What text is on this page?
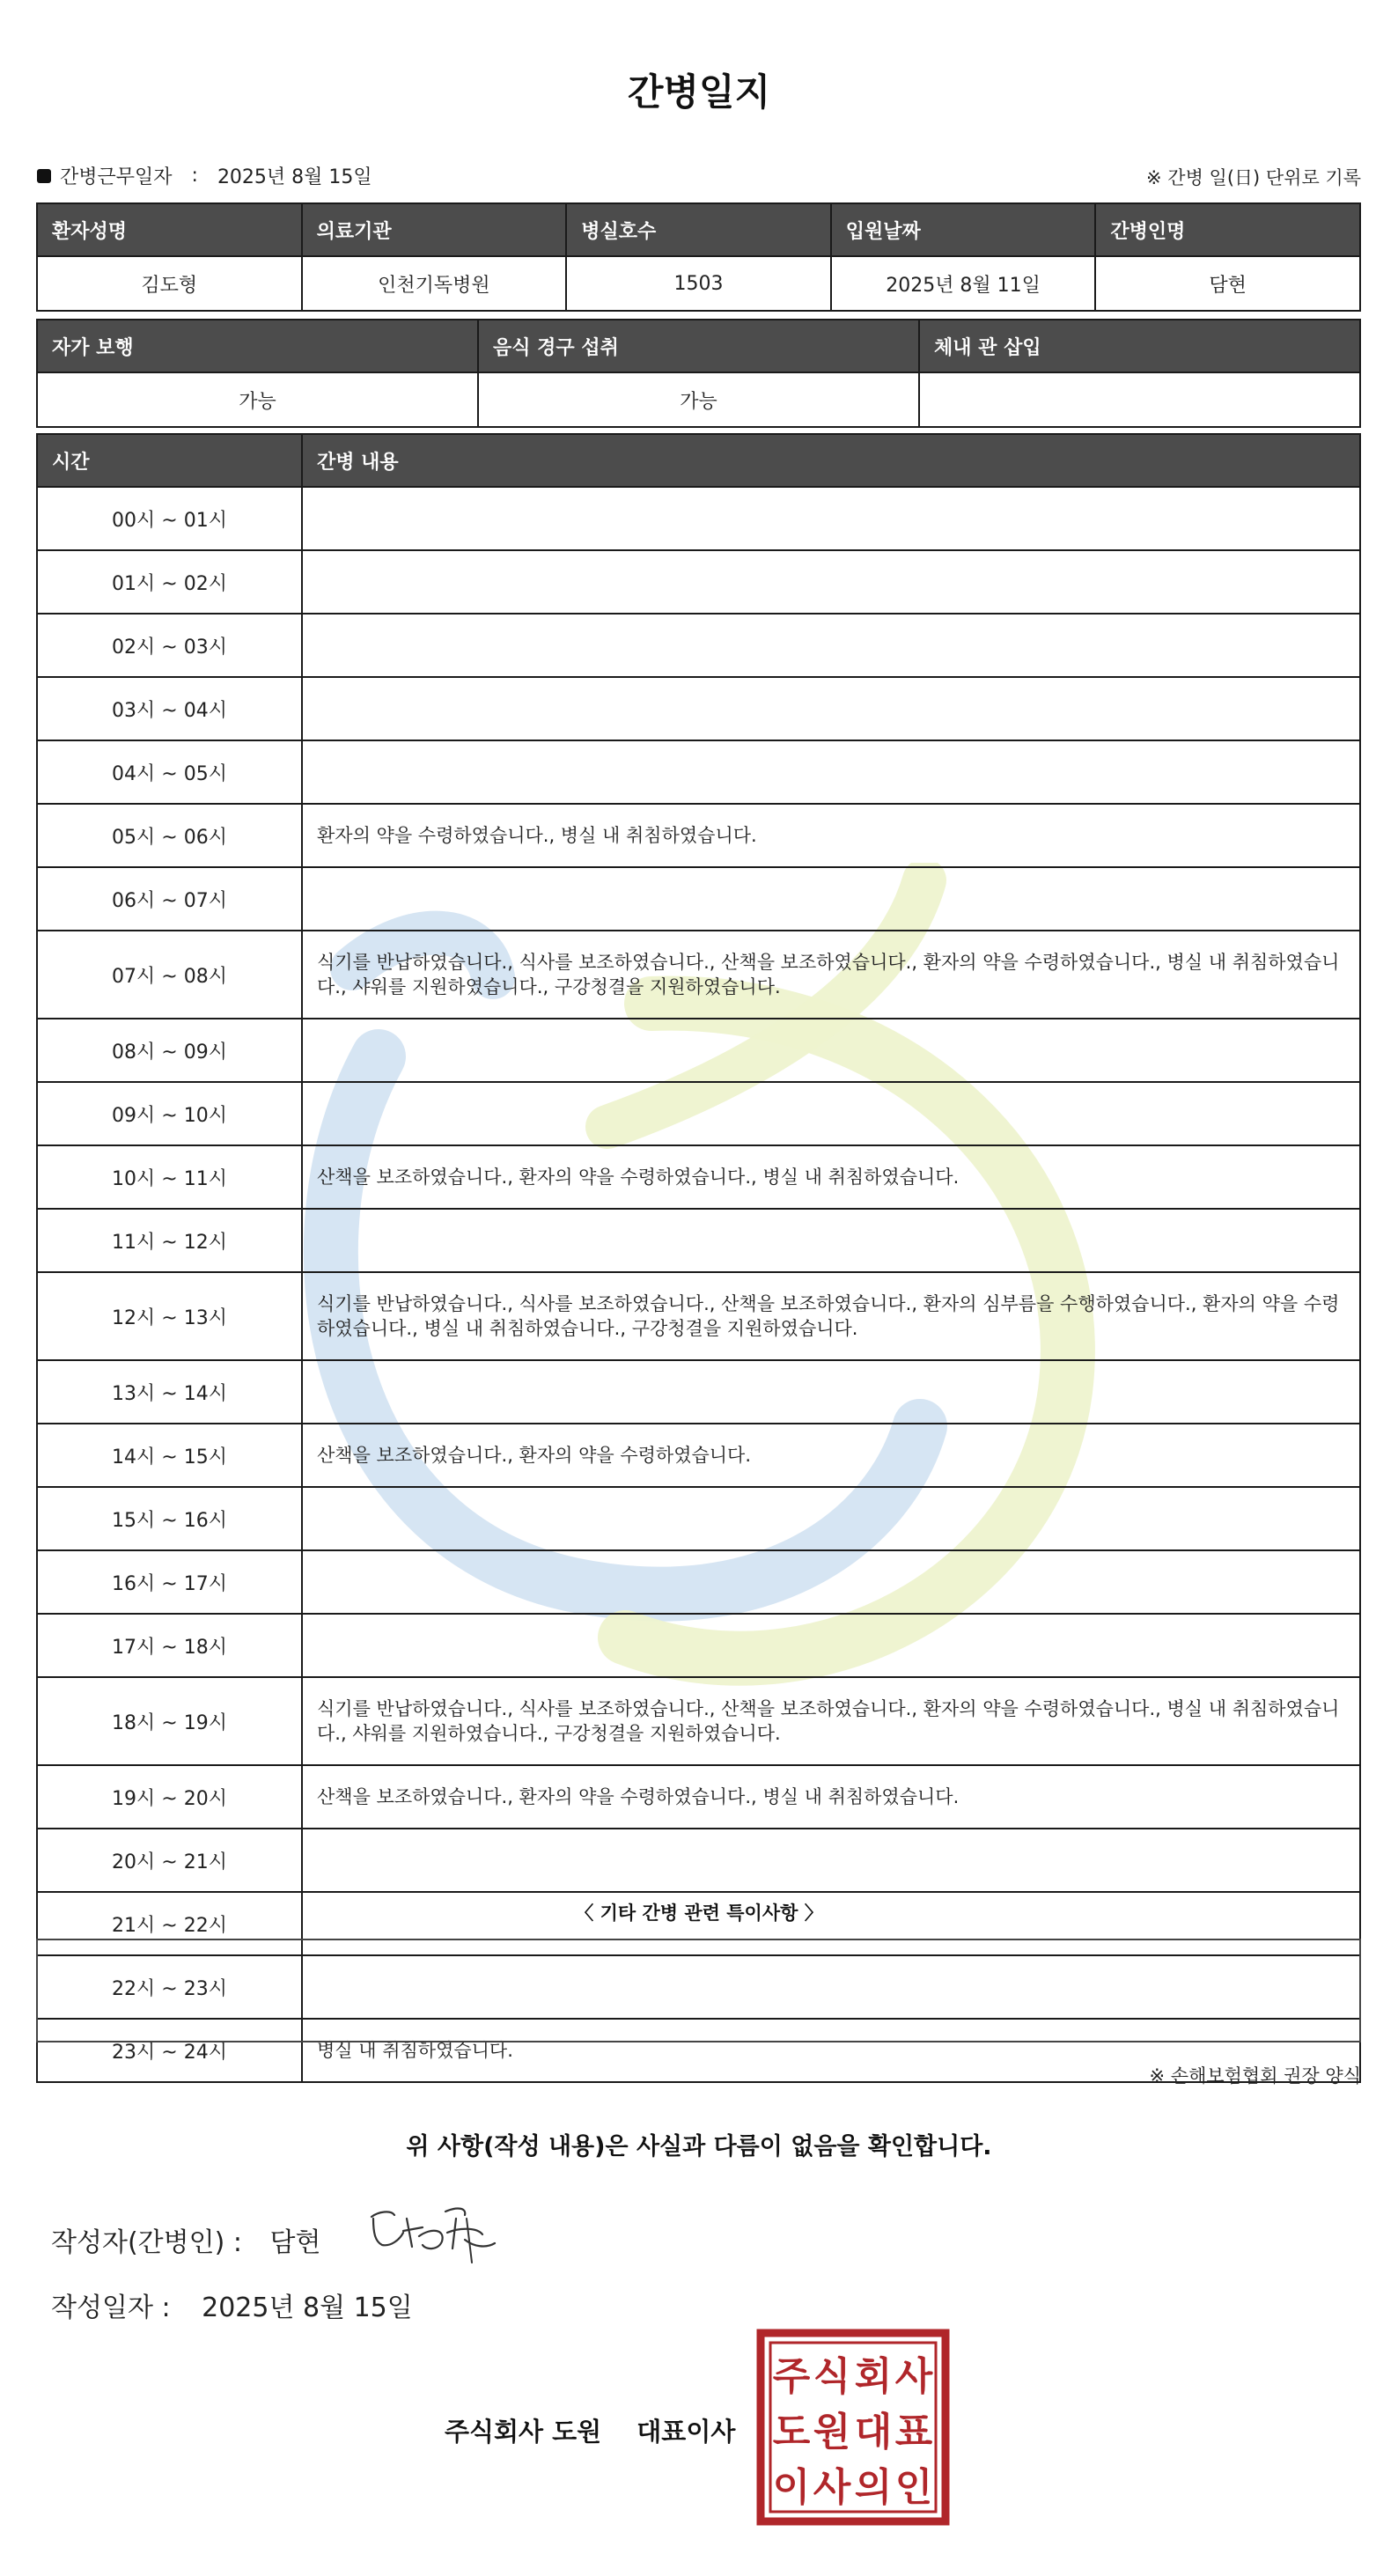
간병일지
간병근무일자 : 2025년 8월 15일	※ 간병 일(日) 단위로 기록
환자성명	의료기관	병실호수	입원날짜	간병인명
김도형	인천기독병원	1503	2025년 8월 11일	담현
자가 보행	음식 경구 섭취	체내 관 삽입
가능	가능	
시간	간병 내용
00시 ~ 01시	
01시 ~ 02시	
02시 ~ 03시	
03시 ~ 04시	
04시 ~ 05시	
05시 ~ 06시	환자의 약을 수령하였습니다., 병실 내 취침하였습니다.
06시 ~ 07시	
07시 ~ 08시	식기를 반납하였습니다., 식사를 보조하였습니다., 산책을 보조하였습니다., 환자의 약을 수령하였습니다., 병실 내 취침하였습니다., 샤워를 지원하였습니다., 구강청결을 지원하였습니다.
08시 ~ 09시	
09시 ~ 10시	
10시 ~ 11시	산책을 보조하였습니다., 환자의 약을 수령하였습니다., 병실 내 취침하였습니다.
11시 ~ 12시	
12시 ~ 13시	식기를 반납하였습니다., 식사를 보조하였습니다., 산책을 보조하였습니다., 환자의 심부름을 수행하였습니다., 환자의 약을 수령하였습니다., 병실 내 취침하였습니다., 구강청결을 지원하였습니다.
13시 ~ 14시	
14시 ~ 15시	산책을 보조하였습니다., 환자의 약을 수령하였습니다.
15시 ~ 16시	
16시 ~ 17시	
17시 ~ 18시	
18시 ~ 19시	식기를 반납하였습니다., 식사를 보조하였습니다., 산책을 보조하였습니다., 환자의 약을 수령하였습니다., 병실 내 취침하였습니다., 샤워를 지원하였습니다., 구강청결을 지원하였습니다.
19시 ~ 20시	산책을 보조하였습니다., 환자의 약을 수령하였습니다., 병실 내 취침하였습니다.
20시 ~ 21시	
21시 ~ 22시	
22시 ~ 23시	
23시 ~ 24시	병실 내 취침하였습니다.
〈 기타 간병 관련 특이사항 〉
※ 손해보험협회 권장 양식
위 사항(작성 내용)은 사실과 다름이 없음을 확인합니다.
작성자(간병인) : 담현
작성일자 : 2025년 8월 15일
주식회사 도원 대표이사
주 식 회 사
도 원 대 표
이 사 의 인
